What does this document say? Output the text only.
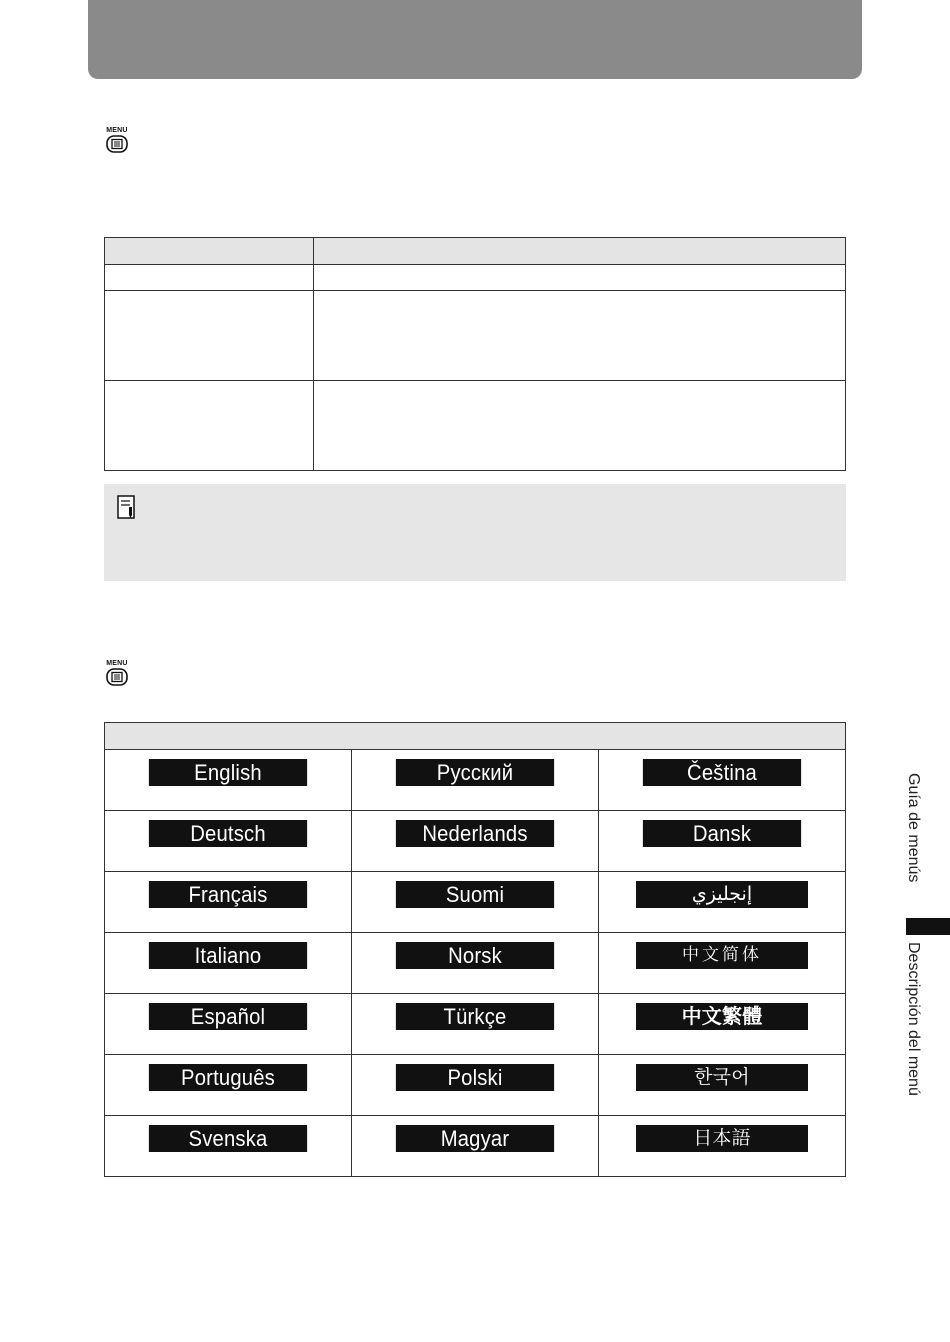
MENU

MENU

English	Русский	Čeština

Deutsch	Nederlands	Dansk

Français	Suomi	إنجليزي

Italiano	Norsk	中文简体

Español	Türkçe	中文繁體

Português	Polski	한국어

Svenska	Magyar	日本語
Guía de menús
Descripción del menú
